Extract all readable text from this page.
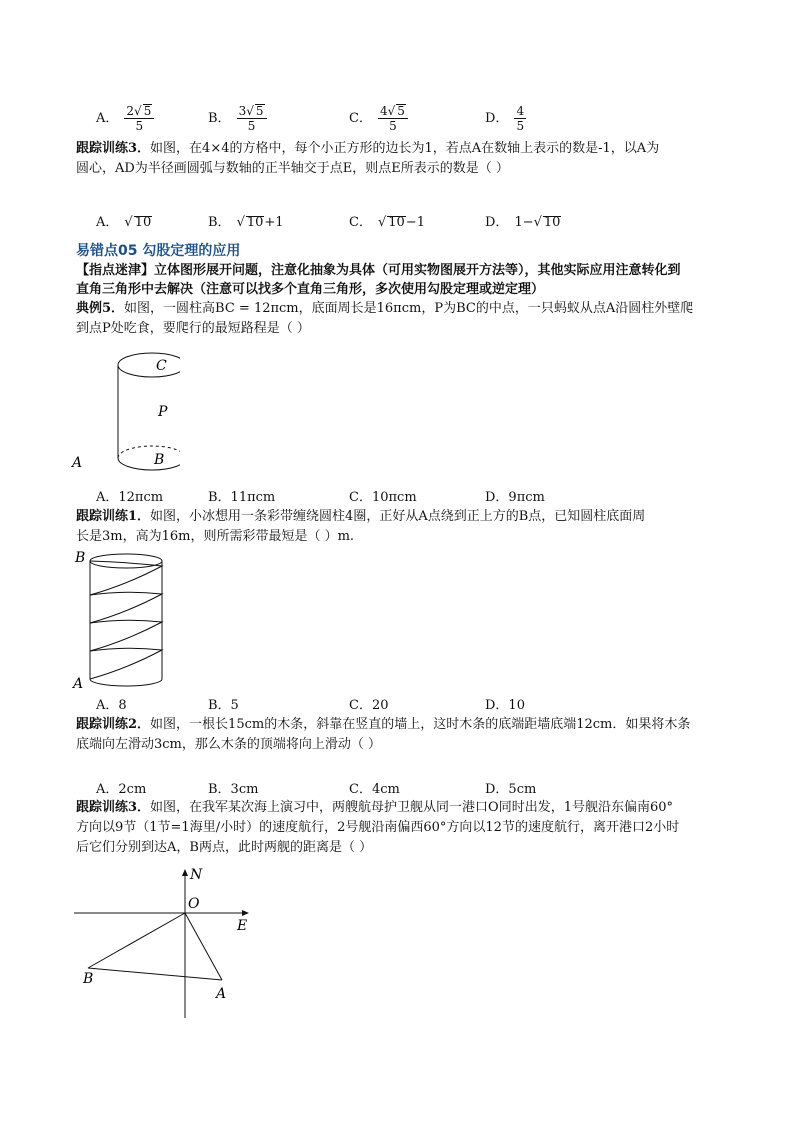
A． $\frac{2√ 5}{5}$	B． $\frac{3√ 5}{5}$	C． $\frac{4√ 5}{5}$	D． $\frac{4}{5}$
跟踪训练3．如图，在4×4的方格中，每个小正方形的边长为1，若点A在数轴上表示的数是-1，以A为
圆心，AD为半径画圆弧与数轴的正半轴交于点E，则点E所表示的数是（ ）
A． √ 10	B． √ 10+1	C． √ 10−1	D． 1−√ 10
易错点05 勾股定理的应用
【指点迷津】立体图形展开问题，注意化抽象为具体（可用实物图展开方法等），其他实际应用注意转化到
直角三角形中去解决（注意可以找多个直角三角形，多次使用勾股定理或逆定理）
典例5．如图，一圆柱高BC = 12πcm，底面周长是16πcm，P为BC的中点，一只蚂蚁从点A沿圆柱外壁爬
到点P处吃食，要爬行的最短路程是（ ）
C
P
A	B
A．12πcm	B．11πcm	C．10πcm	D．9πcm
跟踪训练1．如图，小冰想用一条彩带缠绕圆柱4圈，正好从A点绕到正上方的B点，已知圆柱底面周
长是3m，高为16m，则所需彩带最短是（ ）m.
B
A
A．8	B．5	C．20	D．10
跟踪训练2．如图，一根长15cm的木条，斜靠在竖直的墙上，这时木条的底端距墙底端12cm．如果将木条
底端向左滑动3cm，那么木条的顶端将向上滑动（ ）
A．2cm	B．3cm	C．4cm	D．5cm
跟踪训练3．如图，在我军某次海上演习中，两艘航母护卫舰从同一港口O同时出发，1号舰沿东偏南60°
方向以9节（1节=1海里/小时）的速度航行，2号舰沿南偏西60°方向以12节的速度航行，离开港口2小时
后它们分别到达A，B两点，此时两舰的距离是（ ）
N
O
E
B
A
